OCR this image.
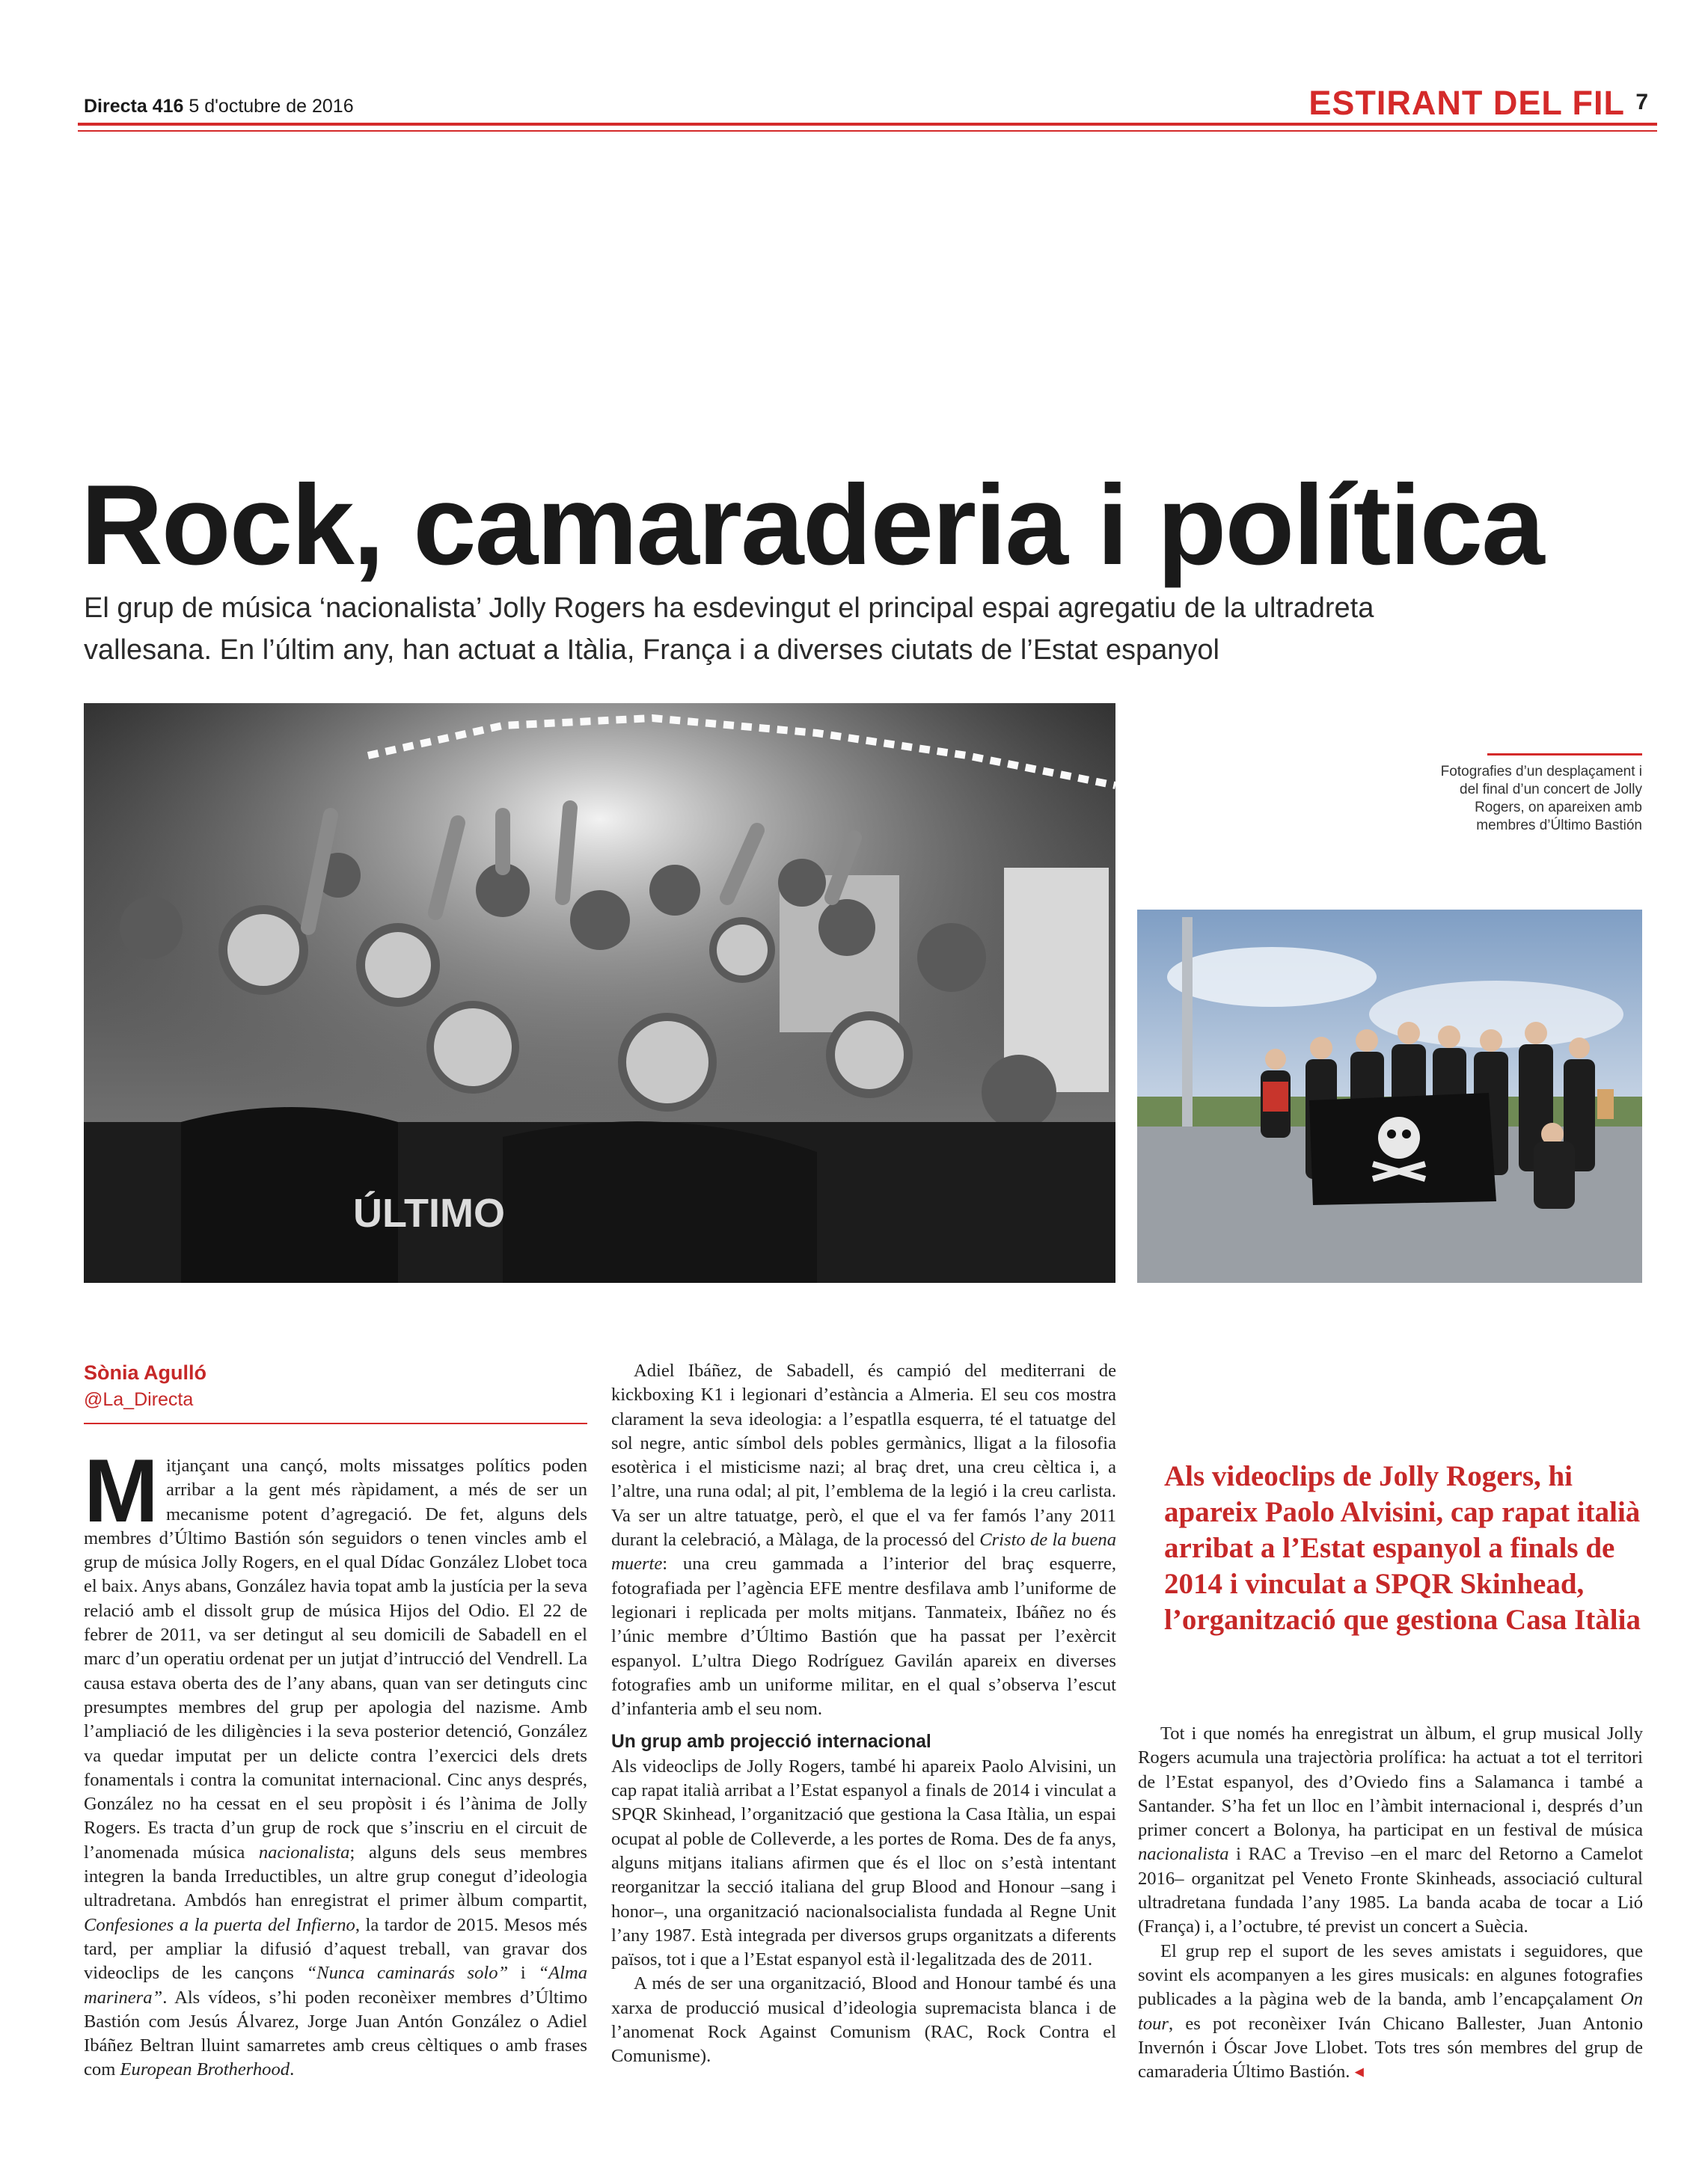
Directa 416 5 d'octubre de 2016	ESTIRANT DEL FIL 7
Rock, camaraderia i política
El grup de música ‘nacionalista’ Jolly Rogers ha esdevingut el principal espai agregatiu de la ultradreta vallesana. En l’últim any, han actuat a Itàlia, França i a diverses ciutats de l’Estat espanyol
ÚLTIMO
Fotografies d’un desplaçament i del final d’un concert de Jolly Rogers, on apareixen amb membres d’Último Bastión
Sònia Agulló
@La_Directa

Mitjançant una cançó, molts missatges polítics poden arribar a la gent més ràpidament, a més de ser un mecanisme potent d’agregació. De fet, alguns dels membres d’Último Bastión són seguidors o tenen vincles amb el grup de música Jolly Rogers, en el qual Dídac González Llobet toca el baix. Anys abans, González havia topat amb la justícia per la seva relació amb el dissolt grup de música Hijos del Odio. El 22 de febrer de 2011, va ser detingut al seu domicili de Sabadell en el marc d’un operatiu ordenat per un jutjat d’intrucció del Vendrell. La causa estava oberta des de l’any abans, quan van ser detinguts cinc presumptes membres del grup per apologia del nazisme. Amb l’ampliació de les diligències i la seva posterior detenció, González va quedar imputat per un delicte contra l’exercici dels drets fonamentals i contra la comunitat internacional. Cinc anys després, González no ha cessat en el seu propòsit i és l’ànima de Jolly Rogers. Es tracta d’un grup de rock que s’inscriu en el circuit de l’anomenada música nacionalista; alguns dels seus membres integren la banda Irreductibles, un altre grup conegut d’ideologia ultradretana. Ambdós han enregistrat el primer àlbum compartit, Confesiones a la puerta del Infierno, la tardor de 2015. Mesos més tard, per ampliar la difusió d’aquest treball, van gravar dos videoclips de les cançons “Nunca caminarás solo” i “Alma marinera”. Als vídeos, s’hi poden reconèixer membres d’Último Bastión com Jesús Álvarez, Jorge Juan Antón González o Adiel Ibáñez Beltran lluint samarretes amb creus cèltiques o amb frases com European Brotherhood.

Adiel Ibáñez, de Sabadell, és campió del mediterrani de kickboxing K1 i legionari d’estància a Almeria. El seu cos mostra clarament la seva ideologia: a l’espatlla esquerra, té el tatuatge del sol negre, antic símbol dels pobles germànics, lligat a la filosofia esotèrica i el misticisme nazi; al braç dret, una creu cèltica i, a l’altre, una runa odal; al pit, l’emblema de la legió i la creu carlista. Va ser un altre tatuatge, però, el que el va fer famós l’any 2011 durant la celebració, a Màlaga, de la processó del Cristo de la buena muerte: una creu gammada a l’interior del braç esquerre, fotografiada per l’agència EFE mentre desfilava amb l’uniforme de legionari i replicada per molts mitjans. Tanmateix, Ibáñez no és l’únic membre d’Último Bastión que ha passat per l’exèrcit espanyol. L’ultra Diego Rodríguez Gavilán apareix en diverses fotografies amb un uniforme militar, en el qual s’observa l’escut d’infanteria amb el seu nom.

Un grup amb projecció internacional

Als videoclips de Jolly Rogers, també hi apareix Paolo Alvisini, un cap rapat italià arribat a l’Estat espanyol a finals de 2014 i vinculat a SPQR Skinhead, l’organització que gestiona la Casa Itàlia, un espai ocupat al poble de Colleverde, a les portes de Roma. Des de fa anys, alguns mitjans italians afirmen que és el lloc on s’està intentant reorganitzar la secció italiana del grup Blood and Honour –sang i honor–, una organització nacionalsocialista fundada al Regne Unit l’any 1987. Està integrada per diversos grups organitzats a diferents països, tot i que a l’Estat espanyol està il·legalitzada des de 2011.

A més de ser una organització, Blood and Honour també és una xarxa de producció musical d’ideologia supremacista blanca i de l’anomenat Rock Against Comunism (RAC, Rock Contra el Comunisme).

Als videoclips de Jolly Rogers, hi apareix Paolo Alvisini, cap rapat italià arribat a l’Estat espanyol a finals de 2014 i vinculat a SPQR Skinhead, l’organització que gestiona Casa Itàlia

Tot i que només ha enregistrat un àlbum, el grup musical Jolly Rogers acumula una trajectòria prolífica: ha actuat a tot el territori de l’Estat espanyol, des d’Oviedo fins a Salamanca i també a Santander. S’ha fet un lloc en l’àmbit internacional i, després d’un primer concert a Bolonya, ha participat en un festival de música nacionalista i RAC a Treviso –en el marc del Retorno a Camelot 2016– organitzat pel Veneto Fronte Skinheads, associació cultural ultradretana fundada l’any 1985. La banda acaba de tocar a Lió (França) i, a l’octubre, té previst un concert a Suècia.

El grup rep el suport de les seves amistats i seguidores, que sovint els acompanyen a les gires musicals: en algunes fotografies publicades a la pàgina web de la banda, amb l’encapçalament On tour, es pot reconèixer Iván Chicano Ballester, Juan Antonio Invernón i Óscar Jove Llobet. Tots tres són membres del grup de camaraderia Último Bastión. ◂
